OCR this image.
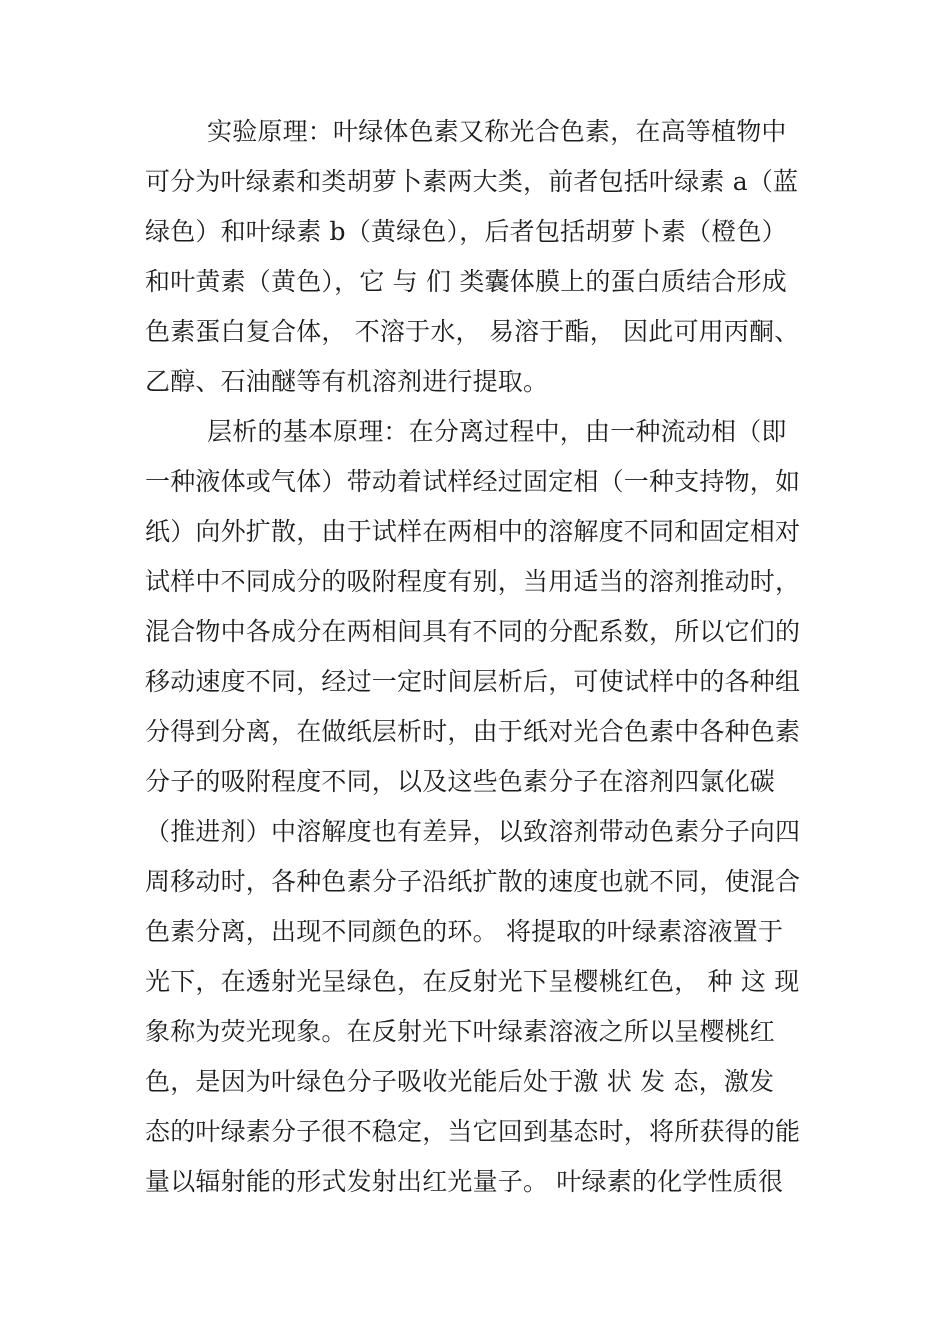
实验原理：叶绿体色素又称光合色素，在高等植物中
可分为叶绿素和类胡萝卜素两大类，前者包括叶绿素 a（蓝
绿色）和叶绿素 b（黄绿色），后者包括胡萝卜素（橙色）
和叶黄素（黄色），它 与 们 类囊体膜上的蛋白质结合形成
色素蛋白复合体， 不溶于水， 易溶于酯， 因此可用丙酮、
乙醇、石油醚等有机溶剂进行提取。
层析的基本原理：在分离过程中，由一种流动相（即
一种液体或气体）带动着试样经过固定相（一种支持物，如
纸）向外扩散，由于试样在两相中的溶解度不同和固定相对
试样中不同成分的吸附程度有别，当用适当的溶剂推动时，
混合物中各成分在两相间具有不同的分配系数，所以它们的
移动速度不同，经过一定时间层析后，可使试样中的各种组
分得到分离，在做纸层析时，由于纸对光合色素中各种色素
分子的吸附程度不同，以及这些色素分子在溶剂四氯化碳
（推进剂）中溶解度也有差异，以致溶剂带动色素分子向四
周移动时，各种色素分子沿纸扩散的速度也就不同，使混合
色素分离，出现不同颜色的环。 将提取的叶绿素溶液置于
光下，在透射光呈绿色，在反射光下呈樱桃红色， 种 这 现
象称为荧光现象。在反射光下叶绿素溶液之所以呈樱桃红
色，是因为叶绿色分子吸收光能后处于激 状 发 态，激发
态的叶绿素分子很不稳定，当它回到基态时，将所获得的能
量以辐射能的形式发射出红光量子。 叶绿素的化学性质很
